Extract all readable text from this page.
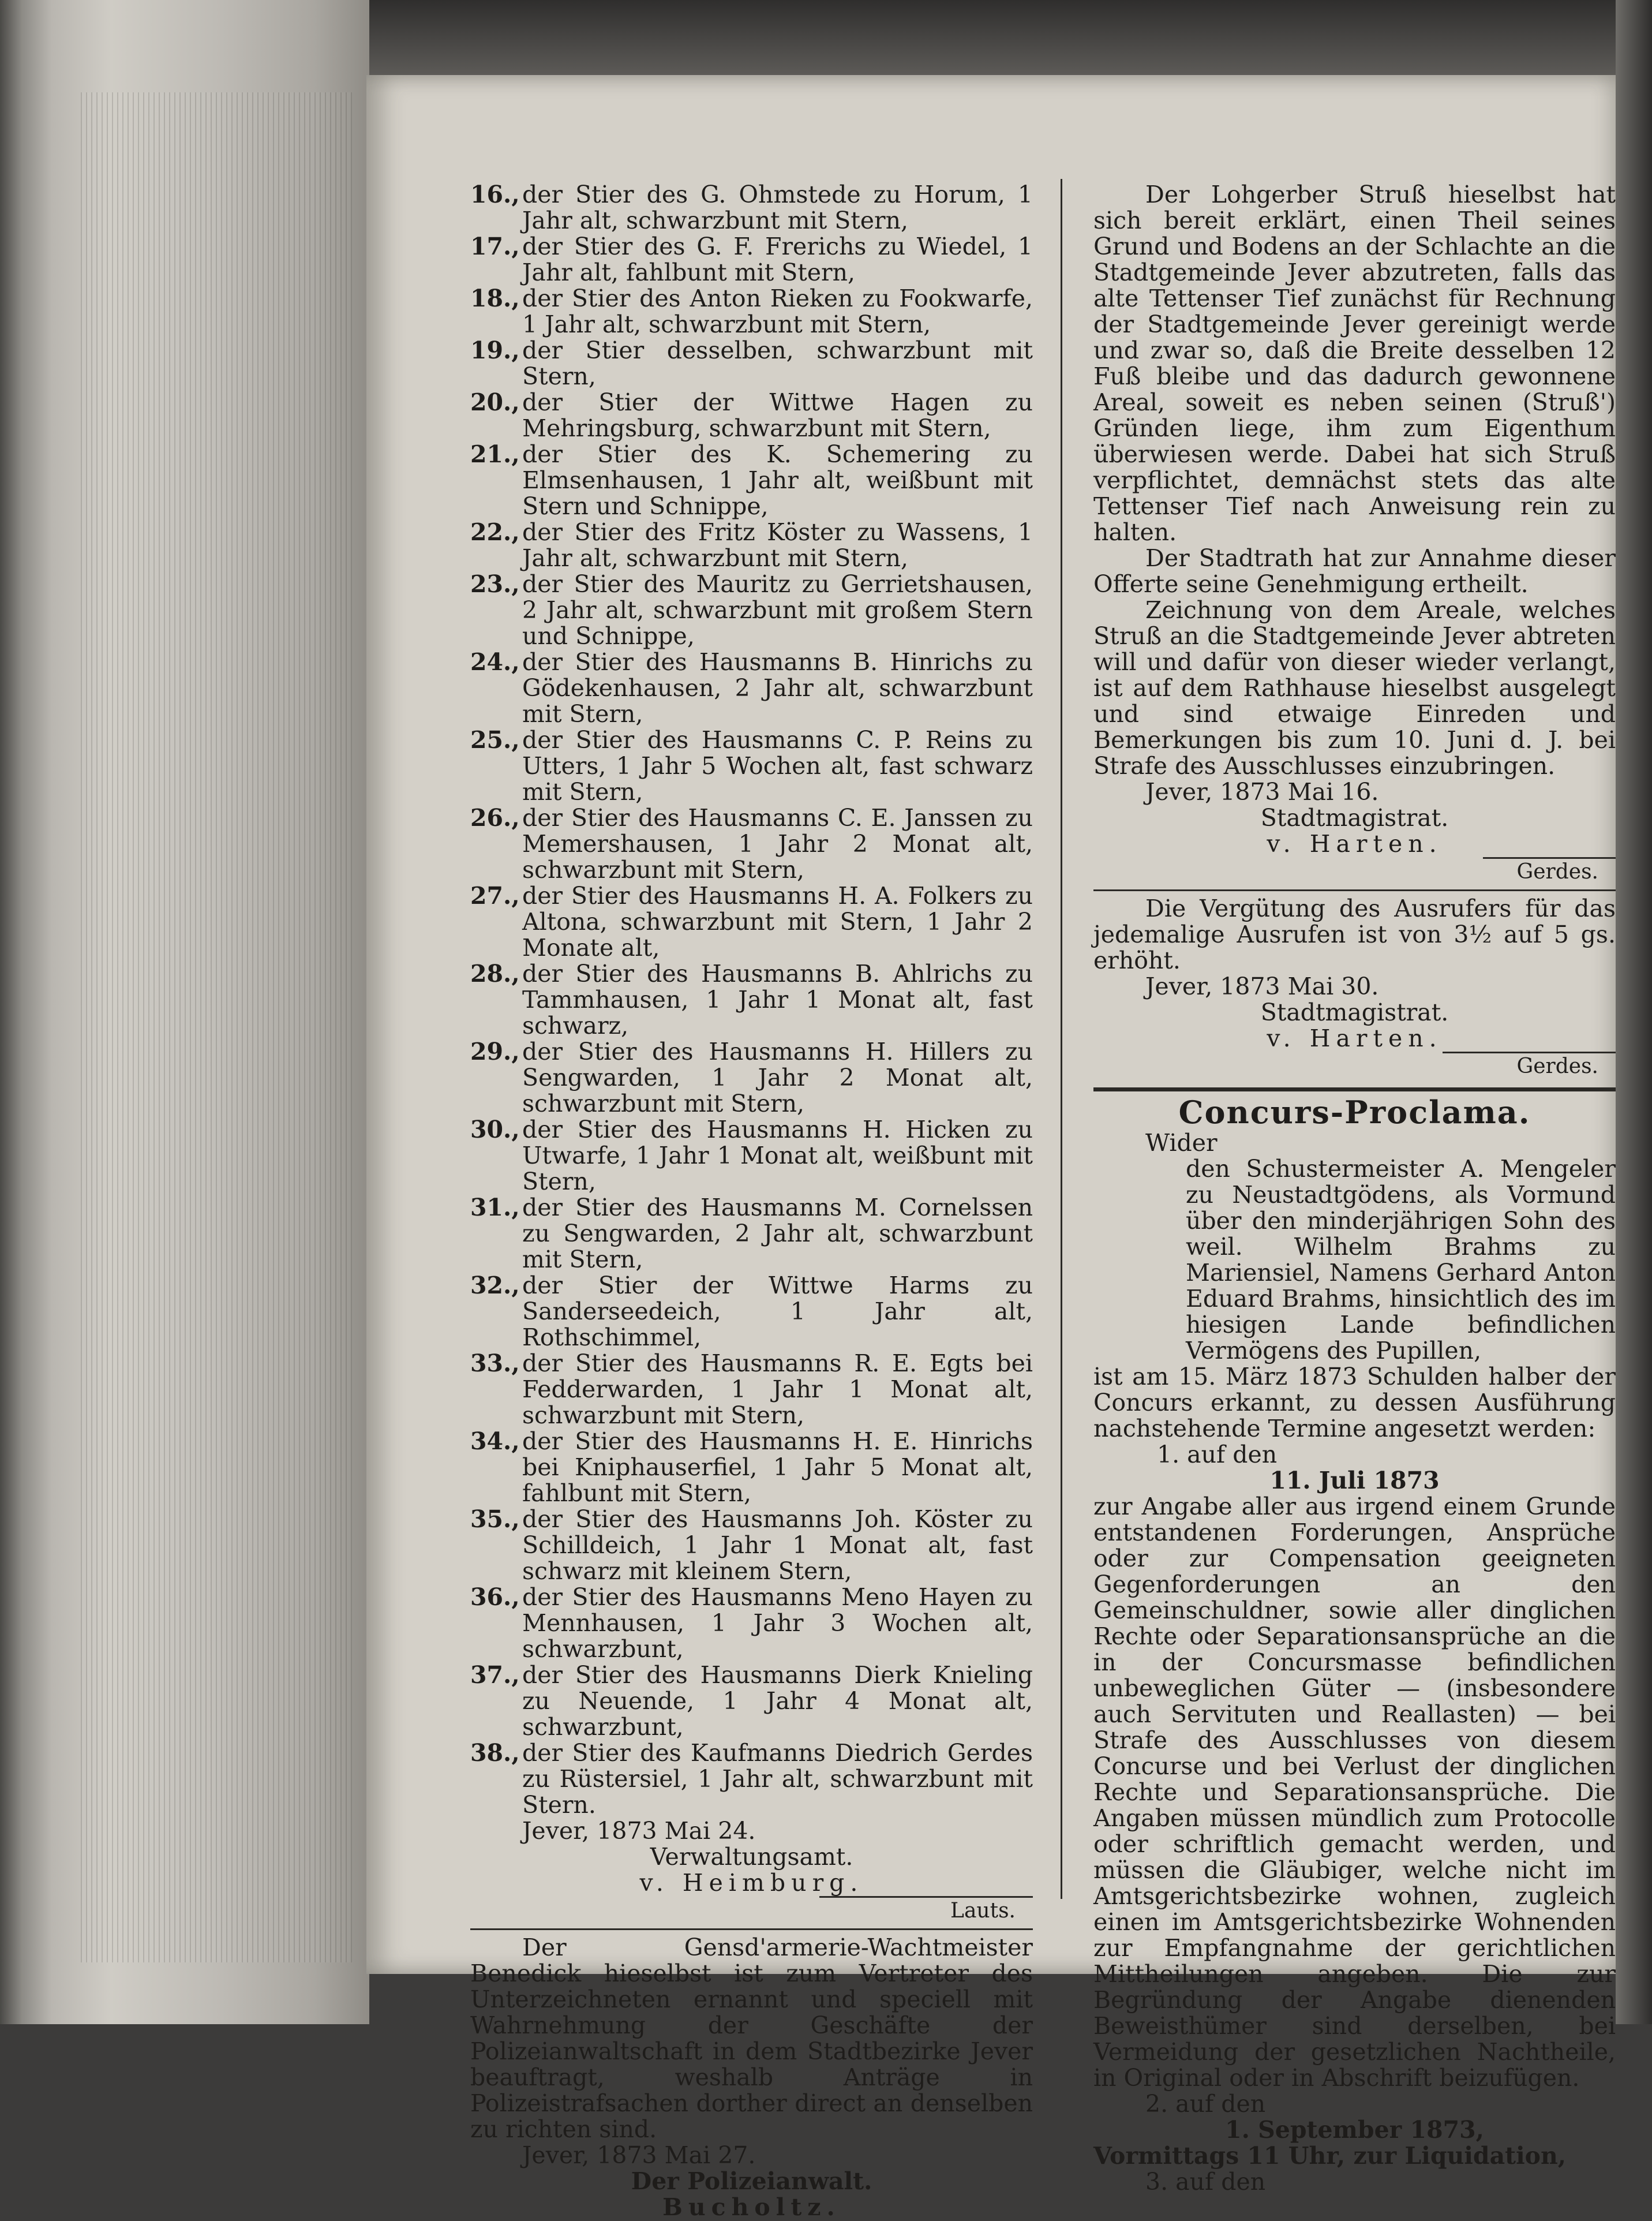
16., der Stier des G. Ohmstede zu Horum, 1 Jahr alt, schwarzbunt mit Stern,
17., der Stier des G. F. Frerichs zu Wiedel, 1 Jahr alt, fahlbunt mit Stern,
18., der Stier des Anton Rieken zu Fookwarfe, 1 Jahr alt, schwarzbunt mit Stern,
19., der Stier desselben, schwarzbunt mit Stern,
20., der Stier der Wittwe Hagen zu Mehringsburg, schwarzbunt mit Stern,
21., der Stier des K. Schemering zu Elmsenhausen, 1 Jahr alt, weißbunt mit Stern und Schnippe,
22., der Stier des Fritz Köster zu Wassens, 1 Jahr alt, schwarzbunt mit Stern,
23., der Stier des Mauritz zu Gerrietshausen, 2 Jahr alt, schwarzbunt mit großem Stern und Schnippe,
24., der Stier des Hausmanns B. Hinrichs zu Gödekenhausen, 2 Jahr alt, schwarzbunt mit Stern,
25., der Stier des Hausmanns C. P. Reins zu Utters, 1 Jahr 5 Wochen alt, fast schwarz mit Stern,
26., der Stier des Hausmanns C. E. Janssen zu Memershausen, 1 Jahr 2 Monat alt, schwarzbunt mit Stern,
27., der Stier des Hausmanns H. A. Folkers zu Altona, schwarzbunt mit Stern, 1 Jahr 2 Monate alt,
28., der Stier des Hausmanns B. Ahlrichs zu Tammhausen, 1 Jahr 1 Monat alt, fast schwarz,
29., der Stier des Hausmanns H. Hillers zu Sengwarden, 1 Jahr 2 Monat alt, schwarzbunt mit Stern,
30., der Stier des Hausmanns H. Hicken zu Utwarfe, 1 Jahr 1 Monat alt, weißbunt mit Stern,
31., der Stier des Hausmanns M. Cornelssen zu Sengwarden, 2 Jahr alt, schwarzbunt mit Stern,
32., der Stier der Wittwe Harms zu Sanderseedeich, 1 Jahr alt, Rothschimmel,
33., der Stier des Hausmanns R. E. Egts bei Fedderwarden, 1 Jahr 1 Monat alt, schwarzbunt mit Stern,
34., der Stier des Hausmanns H. E. Hinrichs bei Kniphauserfiel, 1 Jahr 5 Monat alt, fahlbunt mit Stern,
35., der Stier des Hausmanns Joh. Köster zu Schilldeich, 1 Jahr 1 Monat alt, fast schwarz mit kleinem Stern,
36., der Stier des Hausmanns Meno Hayen zu Mennhausen, 1 Jahr 3 Wochen alt, schwarzbunt,
37., der Stier des Hausmanns Dierk Knieling zu Neuende, 1 Jahr 4 Monat alt, schwarzbunt,
38., der Stier des Kaufmanns Diedrich Gerdes zu Rüstersiel, 1 Jahr alt, schwarzbunt mit Stern.
Jever, 1873 Mai 24.
Verwaltungsamt.
v. Heimburg.
Lauts.
Der Gensd'armerie-Wachtmeister Benedick hieselbst ist zum Vertreter des Unterzeichneten ernannt und speciell mit Wahrnehmung der Geschäfte der Polizeianwaltschaft in dem Stadtbezirke Jever beauftragt, weshalb Anträge in Polizeistrafsachen dorther direct an denselben zu richten sind.
Jever, 1873 Mai 27.
Der Polizeianwalt.
Bucholtz.
Der Lohgerber Struß hieselbst hat sich bereit erklärt, einen Theil seines Grund und Bodens an der Schlachte an die Stadtgemeinde Jever abzutreten, falls das alte Tettenser Tief zunächst für Rechnung der Stadtgemeinde Jever gereinigt werde und zwar so, daß die Breite desselben 12 Fuß bleibe und das dadurch gewonnene Areal, soweit es neben seinen (Struß') Gründen liege, ihm zum Eigenthum überwiesen werde. Dabei hat sich Struß verpflichtet, demnächst stets das alte Tettenser Tief nach Anweisung rein zu halten.
Der Stadtrath hat zur Annahme dieser Offerte seine Genehmigung ertheilt.
Zeichnung von dem Areale, welches Struß an die Stadtgemeinde Jever abtreten will und dafür von dieser wieder verlangt, ist auf dem Rathhause hieselbst ausgelegt und sind etwaige Einreden und Bemerkungen bis zum 10. Juni d. J. bei Strafe des Ausschlusses einzubringen.
Jever, 1873 Mai 16.
Stadtmagistrat.
v. Harten.
Gerdes.
Die Vergütung des Ausrufers für das jedemalige Ausrufen ist von 3½ auf 5 gs. erhöht.
Jever, 1873 Mai 30.
Stadtmagistrat.
v. Harten.
Gerdes.
Concurs-Proclama.
Wider
den Schustermeister A. Mengeler zu Neustadtgödens, als Vormund über den minderjährigen Sohn des weil. Wilhelm Brahms zu Mariensiel, Namens Gerhard Anton Eduard Brahms, hinsichtlich des im hiesigen Lande befindlichen Vermögens des Pupillen,
ist am 15. März 1873 Schulden halber der Concurs erkannt, zu dessen Ausführung nachstehende Termine angesetzt werden:
1. auf den
11. Juli 1873
zur Angabe aller aus irgend einem Grunde entstandenen Forderungen, Ansprüche oder zur Compensation geeigneten Gegenforderungen an den Gemeinschuldner, sowie aller dinglichen Rechte oder Separationsansprüche an die in der Concursmasse befindlichen unbeweglichen Güter — (insbesondere auch Servituten und Reallasten) — bei Strafe des Ausschlusses von diesem Concurse und bei Verlust der dinglichen Rechte und Separationsansprüche. Die Angaben müssen mündlich zum Protocolle oder schriftlich gemacht werden, und müssen die Gläubiger, welche nicht im Amtsgerichtsbezirke wohnen, zugleich einen im Amtsgerichtsbezirke Wohnenden zur Empfangnahme der gerichtlichen Mittheilungen angeben. Die zur Begründung der Angabe dienenden Beweisthümer sind derselben, bei Vermeidung der gesetzlichen Nachtheile, in Original oder in Abschrift beizufügen.
2. auf den
1. September 1873,
Vormittags 11 Uhr, zur Liquidation,
3. auf den
